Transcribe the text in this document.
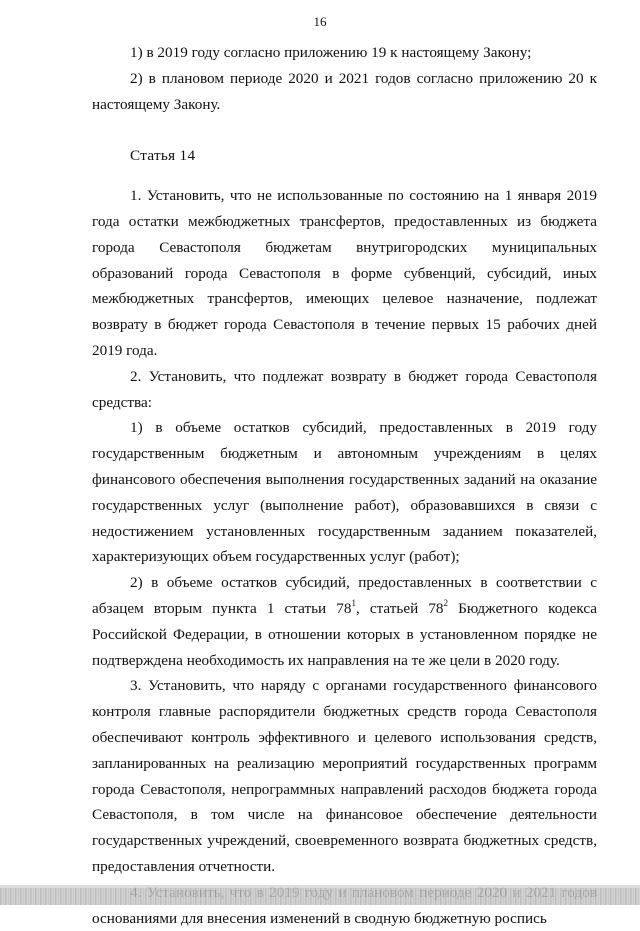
16

1) в 2019 году согласно приложению 19 к настоящему Закону;

2) в плановом периоде 2020 и 2021 годов согласно приложению 20 к настоящему Закону.

Статья 14

1. Установить, что не использованные по состоянию на 1 января 2019 года остатки межбюджетных трансфертов, предоставленных из бюджета города Севастополя бюджетам внутригородских муниципальных образований города Севастополя в форме субвенций, субсидий, иных межбюджетных трансфертов, имеющих целевое назначение, подлежат возврату в бюджет города Севастополя в течение первых 15 рабочих дней 2019 года.

2. Установить, что подлежат возврату в бюджет города Севастополя средства:

1) в объеме остатков субсидий, предоставленных в 2019 году государственным бюджетным и автономным учреждениям в целях финансового обеспечения выполнения государственных заданий на оказание государственных услуг (выполнение работ), образовавшихся в связи с недостижением установленных государственным заданием показателей, характеризующих объем государственных услуг (работ);

2) в объеме остатков субсидий, предоставленных в соответствии с абзацем вторым пункта 1 статьи $78^1$, статьей $78^2$ Бюджетного кодекса Российской Федерации, в отношении которых в установленном порядке не подтверждена необходимость их направления на те же цели в 2020 году.

3. Установить, что наряду с органами государственного финансового контроля главные распорядители бюджетных средств города Севастополя обеспечивают контроль эффективного и целевого использования средств, запланированных на реализацию мероприятий государственных программ города Севастополя, непрограммных направлений расходов бюджета города Севастополя, в том числе на финансовое обеспечение деятельности государственных учреждений, своевременного возврата бюджетных средств, предоставления отчетности.

основаниями для внесения изменений в сводную бюджетную роспись
